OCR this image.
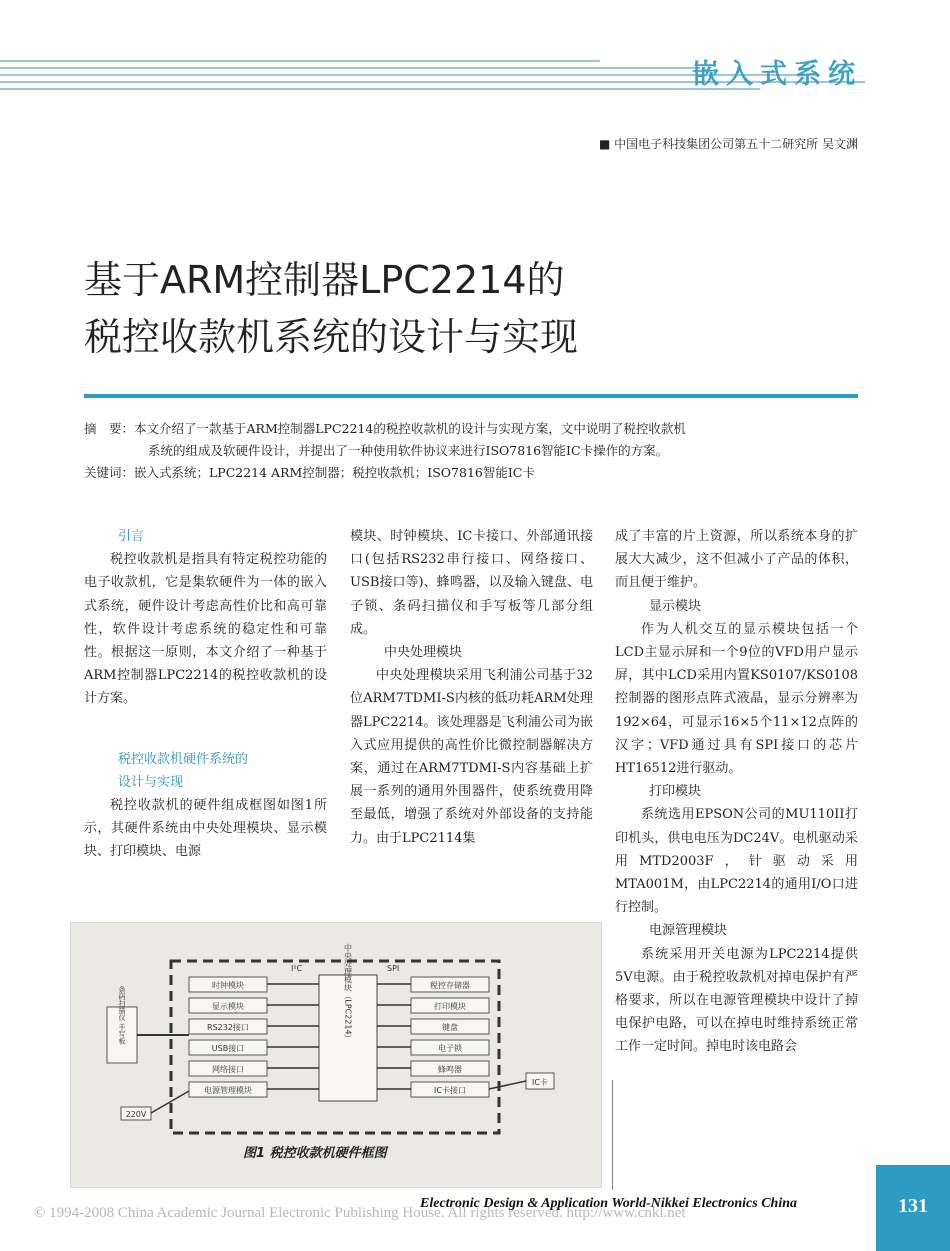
嵌入式系统
■ 中国电子科技集团公司第五十二研究所 吴文渊
基于ARM控制器LPC2214的
税控收款机系统的设计与实现
摘　要：本文介绍了一款基于ARM控制器LPC2214的税控收款机的设计与实现方案，文中说明了税控收款机
系统的组成及软硬件设计，并提出了一种使用软件协议来进行ISO7816智能IC卡操作的方案。
关键词：嵌入式系统；LPC2214 ARM控制器；税控收款机；ISO7816智能IC卡
引言

税控收款机是指具有特定税控功能的电子收款机，它是集软硬件为一体的嵌入式系统，硬件设计考虑高性价比和高可靠性，软件设计考虑系统的稳定性和可靠性。根据这一原则，本文介绍了一种基于ARM控制器LPC2214的税控收款机的设计方案。

税控收款机硬件系统的
设计与实现

税控收款机的硬件组成框图如图1所示，其硬件系统由中央处理模块、显示模块、打印模块、电源

模块、时钟模块、IC卡接口、外部通讯接口(包括RS232串行接口、网络接口、USB接口等)、蜂鸣器，以及输入键盘、电子锁、条码扫描仪和手写板等几部分组成。

中央处理模块

中央处理模块采用飞利浦公司基于32位ARM7TDMI-S内核的低功耗ARM处理器LPC2214。该处理器是飞利浦公司为嵌入式应用提供的高性价比微控制器解决方案，通过在ARM7TDMI-S内容基础上扩展一系列的通用外围器件，使系统费用降至最低，增强了系统对外部设备的支持能力。由于LPC2114集

成了丰富的片上资源，所以系统本身的扩展大大减少，这不但减小了产品的体积，而且便于维护。

显示模块

作为人机交互的显示模块包括一个LCD主显示屏和一个9位的VFD用户显示屏，其中LCD采用内置KS0107/KS0108控制器的图形点阵式液晶，显示分辨率为192×64，可显示16×5个11×12点阵的汉字；VFD通过具有SPI接口的芯片HT16512进行驱动。

打印模块

系统选用EPSON公司的MU110II打印机头，供电电压为DC24V。电机驱动采用MTD2003F，针驱动采用MTA001M，由LPC2214的通用I/O口进行控制。

电源管理模块

系统采用开关电源为LPC2214提供5V电源。由于税控收款机对掉电保护有严格要求，所以在电源管理模块中设计了掉电保护电路，可以在掉电时维持系统正常工作一定时间。掉电时该电路会

时钟模块
显示模块
RS232接口
USB接口
网络接口
电源管理模块
中央处理模块（LPC2214）	税控存储器
打印模块
键盘
电子锁
蜂鸣器
IC卡接口
I²C	SPI
条码扫描仪 手写板
IC卡
220V
图1 税控收款机硬件框图
© 1994-2008 China Academic Journal Electronic Publishing House. All rights reserved. http://www.cnki.net
Electronic Design & Application World-Nikkei Electronics China	131
